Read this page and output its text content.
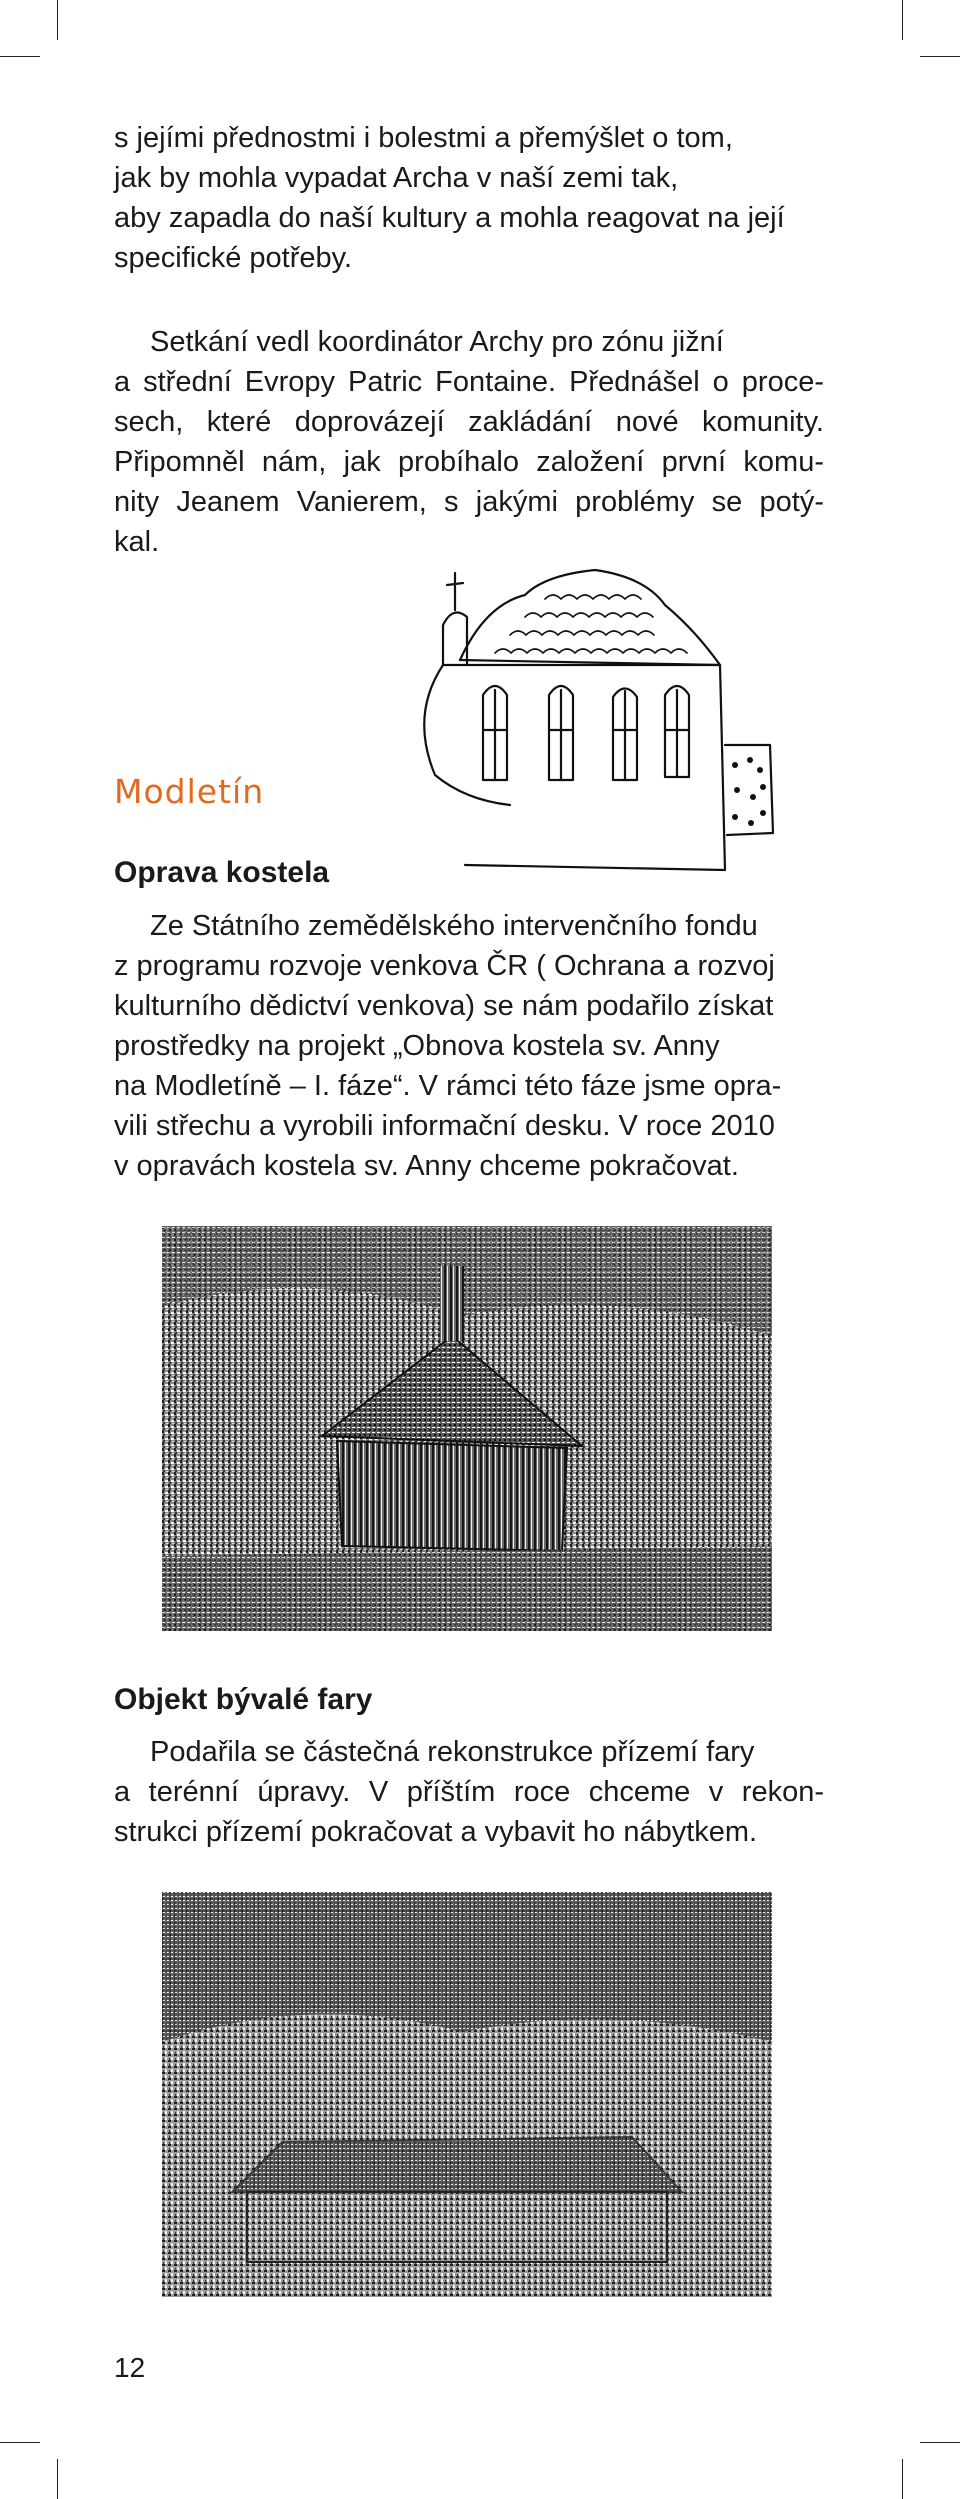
s jejími přednostmi i bolestmi a přemýšlet o tom,
jak by mohla vypadat Archa v naší zemi tak,
aby zapadla do naší kultury a mohla reagovat na její
specifické potřeby.
Setkání vedl koordinátor Archy pro zónu jižní
a střední Evropy Patric Fontaine. Přednášel o proce-
sech, které doprovázejí zakládání nové komunity.
Připomněl nám, jak probíhalo založení první komu-
nity Jeanem Vanierem, s jakými problémy se potý-
kal.
Modletín
Oprava kostela
Ze Státního zemědělského intervenčního fondu
z programu rozvoje venkova ČR ( Ochrana a rozvoj
kulturního dědictví venkova) se nám podařilo získat
prostředky na projekt „Obnova kostela sv. Anny
na Modletíně – I. fáze“. V rámci této fáze jsme opra-
vili střechu a vyrobili informační desku. V roce 2010
v opravách kostela sv. Anny chceme pokračovat.
Objekt bývalé fary
Podařila se částečná rekonstrukce přízemí fary
a terénní úpravy. V příštím roce chceme v rekon-
strukci přízemí pokračovat a vybavit ho nábytkem.
12
